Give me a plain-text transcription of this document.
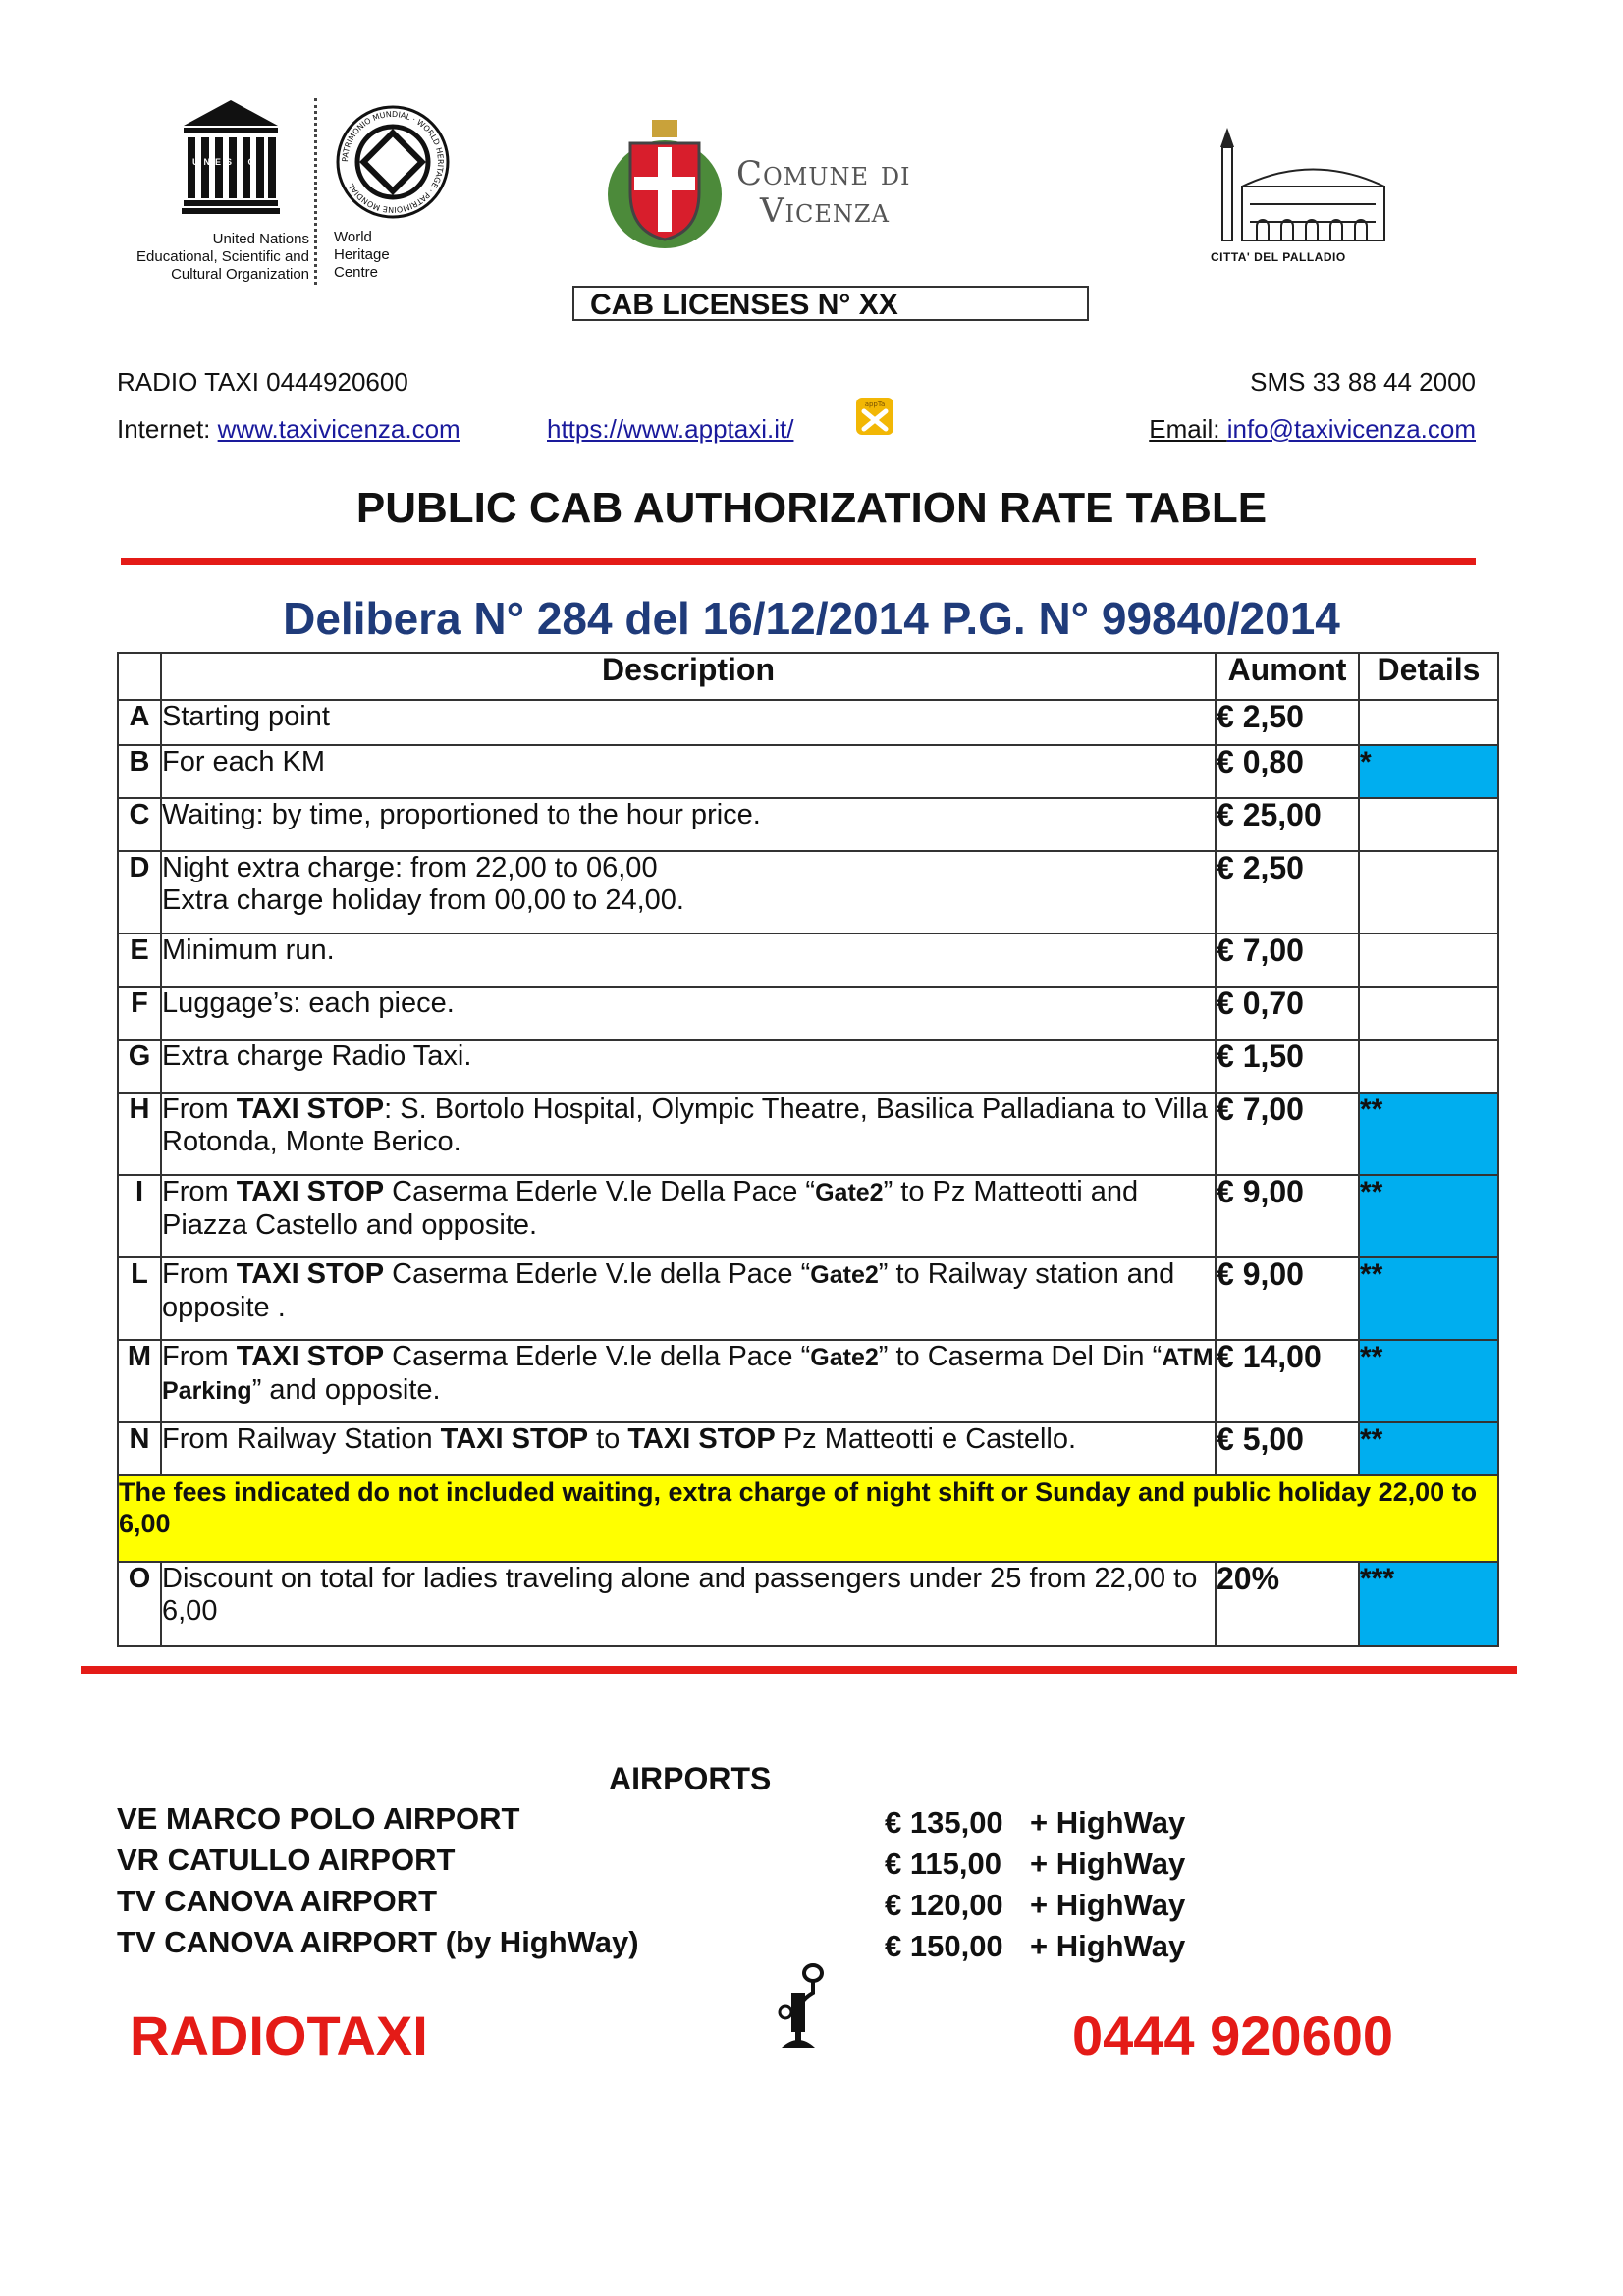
UNESCO
United Nations
Educational, Scientific and
Cultural Organization
PATRIMONIO MUNDIAL · WORLD HERITAGE · PATRIMOINE MONDIAL
World
Heritage
Centre
Comune di
Vicenza
CITTA' DEL PALLADIO
CAB LICENSES N° XX
RADIO TAXI 0444920600	SMS 33 88 44 2000
Internet: www.taxivicenza.com	https://www.apptaxi.it/
appTa
Email: info@taxivicenza.com
PUBLIC CAB AUTHORIZATION RATE TABLE
Delibera N° 284 del 16/12/2014 P.G. N° 99840/2014
	Description	Aumont	Details
A	Starting point	€ 2,50	
B	For each KM	€ 0,80	*
C	Waiting: by time, proportioned to the hour price.	€ 25,00	
D	Night extra charge: from 22,00 to 06,00
Extra charge holiday from 00,00 to 24,00.	€ 2,50	
E	Minimum run.	€ 7,00	
F	Luggage’s: each piece.	€ 0,70	
G	Extra charge Radio Taxi.	€ 1,50	
H	From TAXI STOP: S. Bortolo Hospital, Olympic Theatre, Basilica Palladiana to Villa Rotonda, Monte Berico.	€ 7,00	**
I	From TAXI STOP Caserma Ederle V.le Della Pace “Gate2” to Pz Matteotti and Piazza Castello and opposite.	€ 9,00	**
L	From TAXI STOP Caserma Ederle V.le della Pace “Gate2” to Railway station and opposite .	€ 9,00	**
M	From TAXI STOP Caserma Ederle V.le della Pace “Gate2” to Caserma Del Din “ATM Parking” and opposite.	€ 14,00	**
N	From Railway Station TAXI STOP to TAXI STOP Pz Matteotti e Castello.	€ 5,00	**
The fees indicated do not included waiting, extra charge of night shift or Sunday and public holiday 22,00 to 6,00			
O	Discount on total for ladies traveling alone and passengers under 25 from 22,00 to 6,00	20%	***
AIRPORTS
VE MARCO POLO AIRPORT	€ 135,00 + HighWay
VR CATULLO AIRPORT	€ 115,00 + HighWay
TV CANOVA AIRPORT	€ 120,00 + HighWay
TV CANOVA AIRPORT (by HighWay)	€ 150,00 + HighWay
RADIOTAXI	0444 920600
